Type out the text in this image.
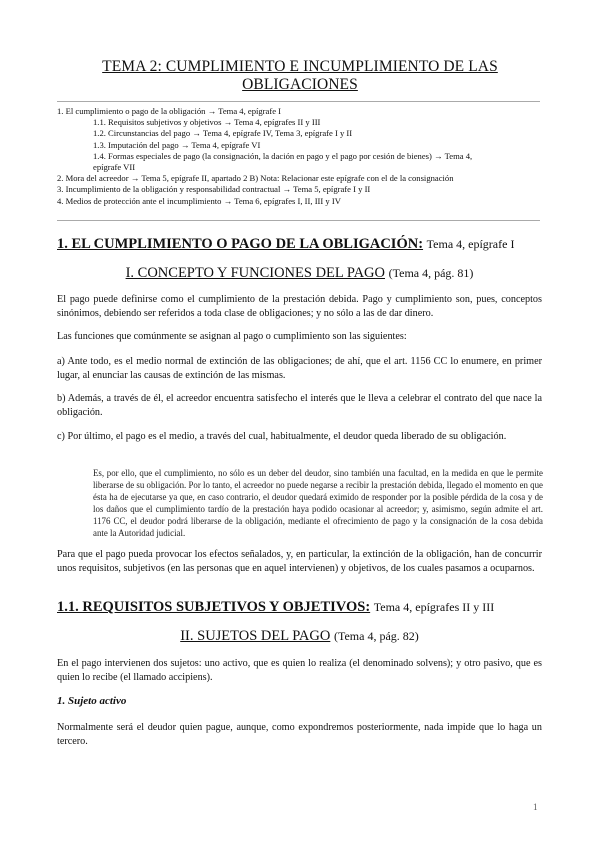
TEMA 2: CUMPLIMIENTO E INCUMPLIMIENTO DE LAS
OBLIGACIONES
1. El cumplimiento o pago de la obligación → Tema 4, epígrafe I
1.1. Requisitos subjetivos y objetivos → Tema 4, epígrafes II y III
1.2. Circunstancias del pago → Tema 4, epígrafe IV, Tema 3, epígrafe I y II
1.3. Imputación del pago → Tema 4, epígrafe VI
1.4. Formas especiales de pago (la consignación, la dación en pago y el pago por cesión de bienes) → Tema 4,
epígrafe VII
2. Mora del acreedor → Tema 5, epígrafe II, apartado 2 B) Nota: Relacionar este epígrafe con el de la consignación
3. Incumplimiento de la obligación y responsabilidad contractual → Tema 5, epígrafe I y II
4. Medios de protección ante el incumplimiento → Tema 6, epígrafes I, II, III y IV
1. EL CUMPLIMIENTO O PAGO DE LA OBLIGACIÓN: Tema 4, epígrafe I
I. CONCEPTO Y FUNCIONES DEL PAGO (Tema 4, pág. 81)
El pago puede definirse como el cumplimiento de la prestación debida. Pago y cumplimiento son, pues, conceptos sinónimos, debiendo ser referidos a toda clase de obligaciones; y no sólo a las de dar dinero.
Las funciones que comúnmente se asignan al pago o cumplimiento son las siguientes:
a) Ante todo, es el medio normal de extinción de las obligaciones; de ahí, que el art. 1156 CC lo enumere, en primer lugar, al enunciar las causas de extinción de las mismas.
b) Además, a través de él, el acreedor encuentra satisfecho el interés que le lleva a celebrar el contrato del que nace la obligación.
c) Por último, el pago es el medio, a través del cual, habitualmente, el deudor queda liberado de su obligación.
Es, por ello, que el cumplimiento, no sólo es un deber del deudor, sino también una facultad, en la medida en que le permite liberarse de su obligación. Por lo tanto, el acreedor no puede negarse a recibir la prestación debida, llegado el momento en que ésta ha de ejecutarse ya que, en caso contrario, el deudor quedará eximido de responder por la posible pérdida de la cosa y de los daños que el cumplimiento tardío de la prestación haya podido ocasionar al acreedor; y, asimismo, según admite el art. 1176 CC, el deudor podrá liberarse de la obligación, mediante el ofrecimiento de pago y la consignación de la cosa debida ante la Autoridad judicial.
Para que el pago pueda provocar los efectos señalados, y, en particular, la extinción de la obligación, han de concurrir unos requisitos, subjetivos (en las personas que en aquel intervienen) y objetivos, de los cuales pasamos a ocuparnos.
1.1. REQUISITOS SUBJETIVOS Y OBJETIVOS: Tema 4, epígrafes II y III
II. SUJETOS DEL PAGO (Tema 4, pág. 82)
En el pago intervienen dos sujetos: uno activo, que es quien lo realiza (el denominado solvens); y otro pasivo, que es quien lo recibe (el llamado accipiens).
1. Sujeto activo
Normalmente será el deudor quien pague, aunque, como expondremos posteriormente, nada impide que lo haga un tercero.
1
